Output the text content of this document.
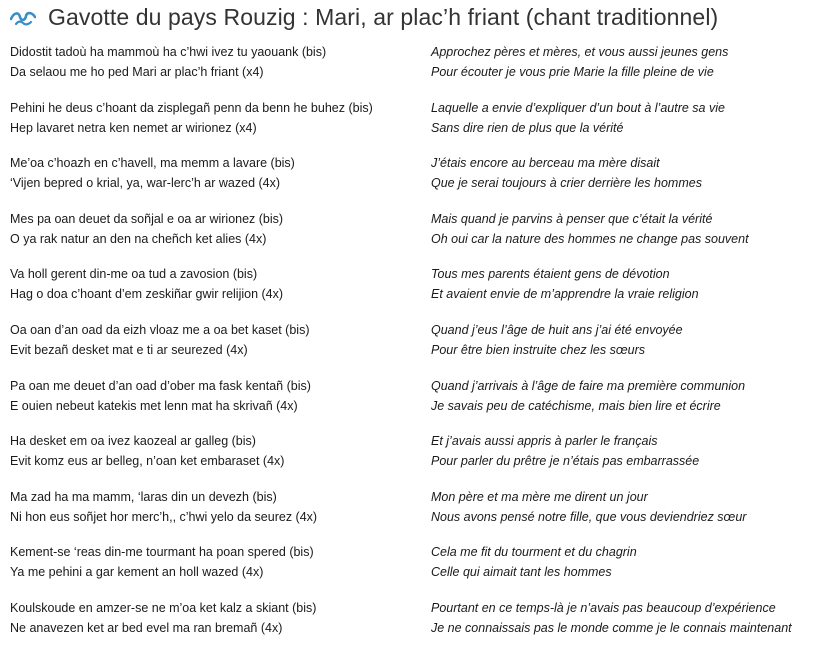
Gavotte du pays Rouzig : Mari, ar plac’h friant (chant traditionnel)
Didostit tadoù ha mammoù ha c’hwi ivez tu yaouank (bis)
Da selaou me ho ped Mari ar plac’h friant (x4)
Approchez pères et mères, et vous aussi jeunes gens
Pour écouter je vous prie Marie la fille pleine de vie
Pehini he deus c’hoant da zisplegañ penn da benn he buhez (bis)
Hep lavaret netra ken nemet ar wirionez (x4)
Laquelle a envie d’expliquer d’un bout à l’autre sa vie
Sans dire rien de plus que la vérité
Me’oa c’hoazh en c’havell, ma memm a lavare (bis)
‘Vijen bepred o krial, ya, war-lerc’h ar wazed (4x)
J’étais encore au berceau ma mère disait
Que je serai toujours à crier derrière les hommes
Mes pa oan deuet da soñjal e oa ar wirionez (bis)
O ya rak natur an den na cheñch ket alies (4x)
Mais quand je parvins à penser que c’était la vérité
Oh oui car la nature des hommes ne change pas souvent
Va holl gerent din-me oa tud a zavosion (bis)
Hag o doa c’hoant d’em zeskiñar gwir relijion (4x)
Tous mes parents étaient gens de dévotion
Et avaient envie de m’apprendre la vraie religion
Oa oan d’an oad da eizh vloaz me a oa bet kaset (bis)
Evit bezañ desket mat e ti ar seurezed (4x)
Quand j’eus l’âge de huit ans j’ai été envoyée
Pour être bien instruite chez les sœurs
Pa oan me deuet d’an oad d’ober ma fask kentañ (bis)
E ouien nebeut katekis met lenn mat ha skrivañ (4x)
Quand j’arrivais à l’âge de faire ma première communion
Je savais peu de catéchisme, mais bien lire et écrire
Ha desket em oa ivez kaozeal ar galleg (bis)
Evit komz eus ar belleg, n’oan ket embaraset (4x)
Et j’avais aussi appris à parler le français
Pour parler du prêtre je n’étais pas embarrassée
Ma zad ha ma mamm, ‘laras din un devezh (bis)
Ni hon eus soñjet hor merc’h,, c’hwi yelo da seurez (4x)
Mon père et ma mère me dirent un jour
Nous avons pensé notre fille, que vous deviendriez sœur
Kement-se ‘reas din-me tourmant ha poan spered (bis)
Ya me pehini a gar kement an holl wazed (4x)
Cela me fit du tourment et du chagrin
Celle qui aimait tant les hommes
Koulskoude en amzer-se ne m’oa ket kalz a skiant (bis)
Ne anavezen ket ar bed evel ma ran bremañ (4x)
Pourtant en ce temps-là je n’avais pas beaucoup d’expérience
Je ne connaissais pas le monde comme je le connais maintenant
